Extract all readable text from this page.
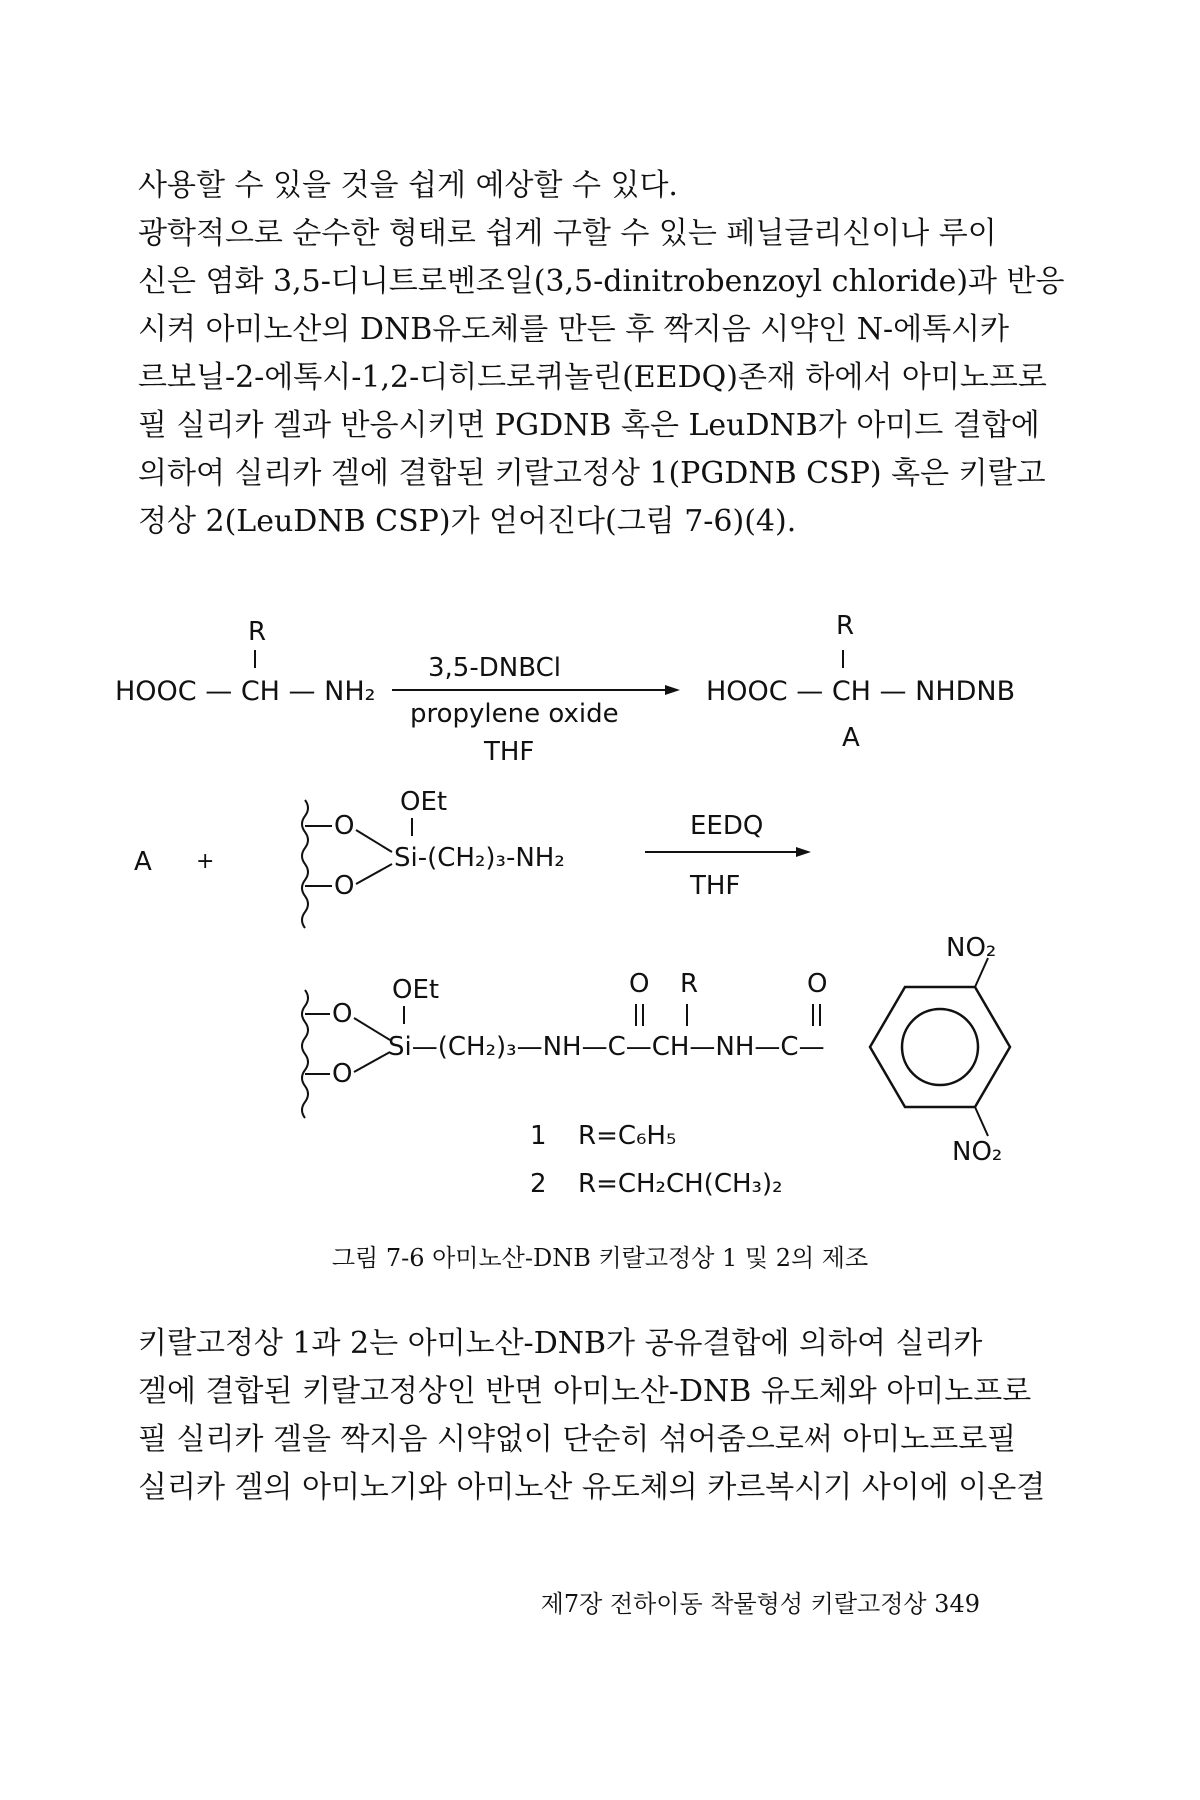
사용할 수 있을 것을 쉽게 예상할 수 있다.
광학적으로 순수한 형태로 쉽게 구할 수 있는 페닐글리신이나 루이
신은 염화 3,5-디니트로벤조일(3,5-dinitrobenzoyl chloride)과 반응
시켜 아미노산의 DNB유도체를 만든 후 짝지음 시약인 N-에톡시카
르보닐-2-에톡시-1,2-디히드로퀴놀린(EEDQ)존재 하에서 아미노프로
필 실리카 겔과 반응시키면 PGDNB 혹은 LeuDNB가 아미드 결합에
의하여 실리카 겔에 결합된 키랄고정상 1(PGDNB CSP) 혹은 키랄고
정상 2(LeuDNB CSP)가 얻어진다(그림 7-6)(4).
R
HOOC — CH — NH₂
3,5-DNBCl
propylene oxide
THF
R
HOOC — CH — NHDNB
A
A +
O
O
OEt
Si-(CH₂)₃-NH₂
EEDQ
THF
O
O
OEt
Si—(CH₂)₃—NH—C—CH—NH—C—
O R	O
NO₂
NO₂
1 R=C₆H₅
2 R=CH₂CH(CH₃)₂
그림 7-6 아미노산-DNB 키랄고정상 1 및 2의 제조
키랄고정상 1과 2는 아미노산-DNB가 공유결합에 의하여 실리카
겔에 결합된 키랄고정상인 반면 아미노산-DNB 유도체와 아미노프로
필 실리카 겔을 짝지음 시약없이 단순히 섞어줌으로써 아미노프로필
실리카 겔의 아미노기와 아미노산 유도체의 카르복시기 사이에 이온결
제7장 전하이동 착물형성 키랄고정상 349
